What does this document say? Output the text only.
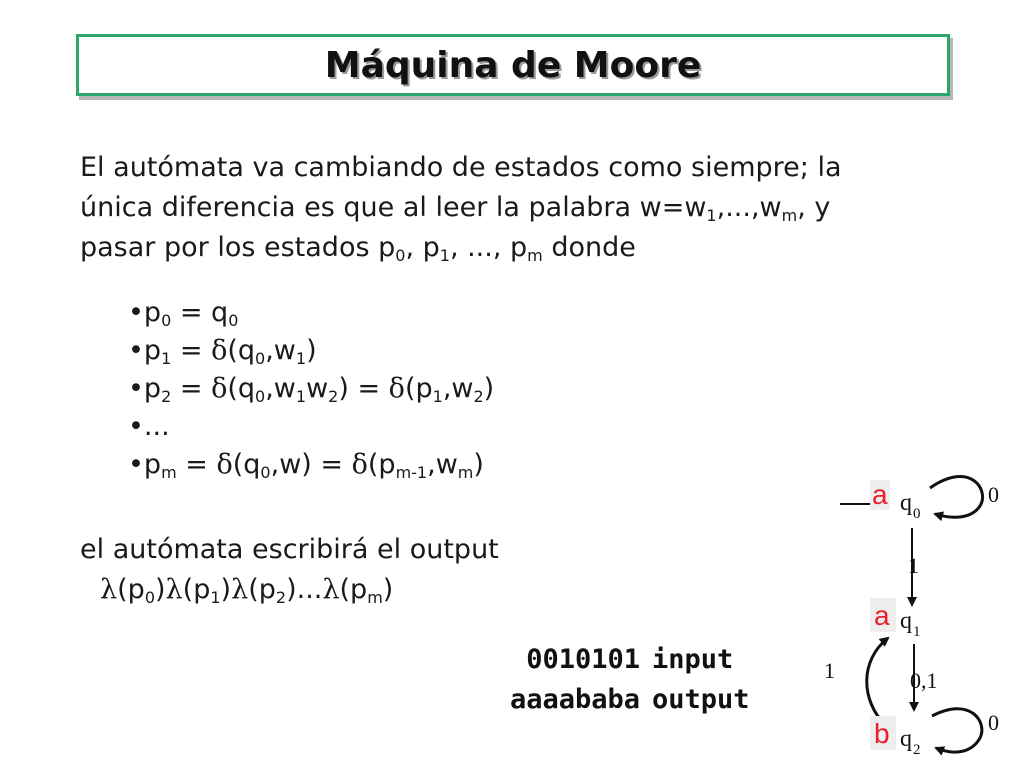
Máquina de Moore

El autómata va cambiando de estados como siempre; la
única diferencia es que al leer la palabra $w=w_1,...,w_m$, y
pasar por los estados $p_0$, $p_1$, ..., $p_m$ donde

$•p_0 = q_0$
$•p_1 = \delta(q_0,w_1)$
$•p_2 = \delta(q_0,w_1w_2) = \delta(p_1,w_2)$
•...
$•p_m = \delta(q_0,w) = \delta(p_{m-1},w_m)$

el autómata escribirá el output
$\lambda(p_0)\lambda(p_1)\lambda(p_2)...\lambda(p_m)$

0010101 input
aaaababa output
a q 0
0
1
a q 1
0,1
1
b q 2
0
